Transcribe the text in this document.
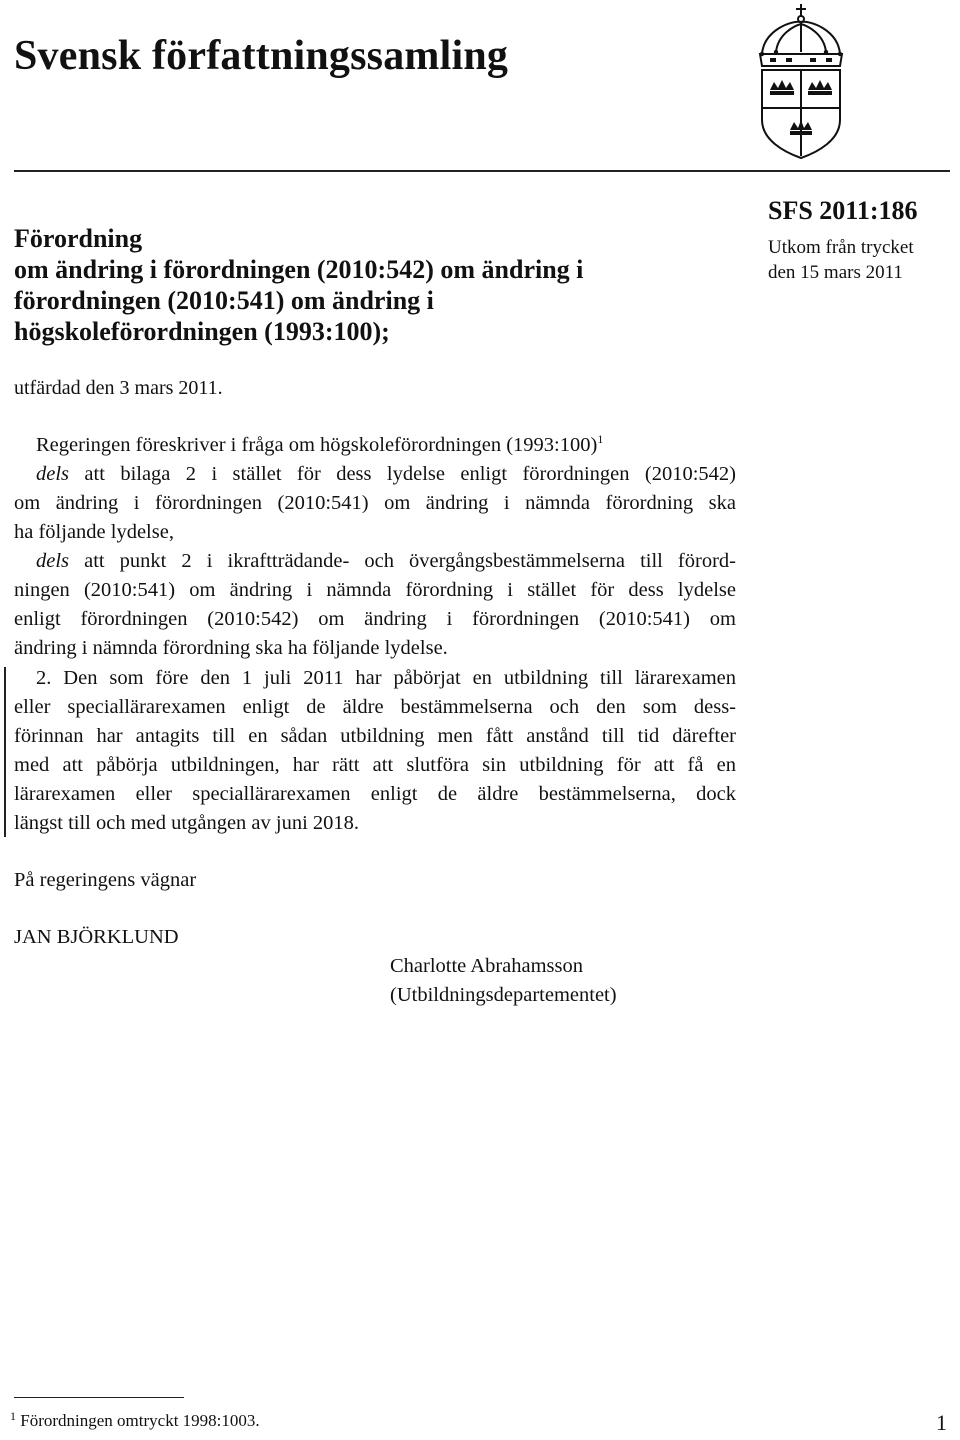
Svensk författningssamling
Förordning
om ändring i förordningen (2010:542) om ändring i
förordningen (2010:541) om ändring i
högskoleförordningen (1993:100);
SFS 2011:186
Utkom från trycket
den 15 mars 2011
utfärdad den 3 mars 2011.
Regeringen föreskriver i fråga om högskoleförordningen (1993:100)$^1$
dels att bilaga 2 i stället för dess lydelse enligt förordningen (2010:542)
om ändring i förordningen (2010:541) om ändring i nämnda förordning ska
ha följande lydelse,
dels att punkt 2 i ikraftträdande- och övergångsbestämmelserna till förord-
ningen (2010:541) om ändring i nämnda förordning i stället för dess lydelse
enligt förordningen (2010:542) om ändring i förordningen (2010:541) om
ändring i nämnda förordning ska ha följande lydelse.
2. Den som före den 1 juli 2011 har påbörjat en utbildning till lärarexamen
eller speciallärarexamen enligt de äldre bestämmelserna och den som dess-
förinnan har antagits till en sådan utbildning men fått anstånd till tid därefter
med att påbörja utbildningen, har rätt att slutföra sin utbildning för att få en
lärarexamen eller speciallärarexamen enligt de äldre bestämmelserna, dock
längst till och med utgången av juni 2018.
På regeringens vägnar
JAN BJÖRKLUND
Charlotte Abrahamsson
(Utbildningsdepartementet)
$^1$ Förordningen omtryckt 1998:1003.	1
